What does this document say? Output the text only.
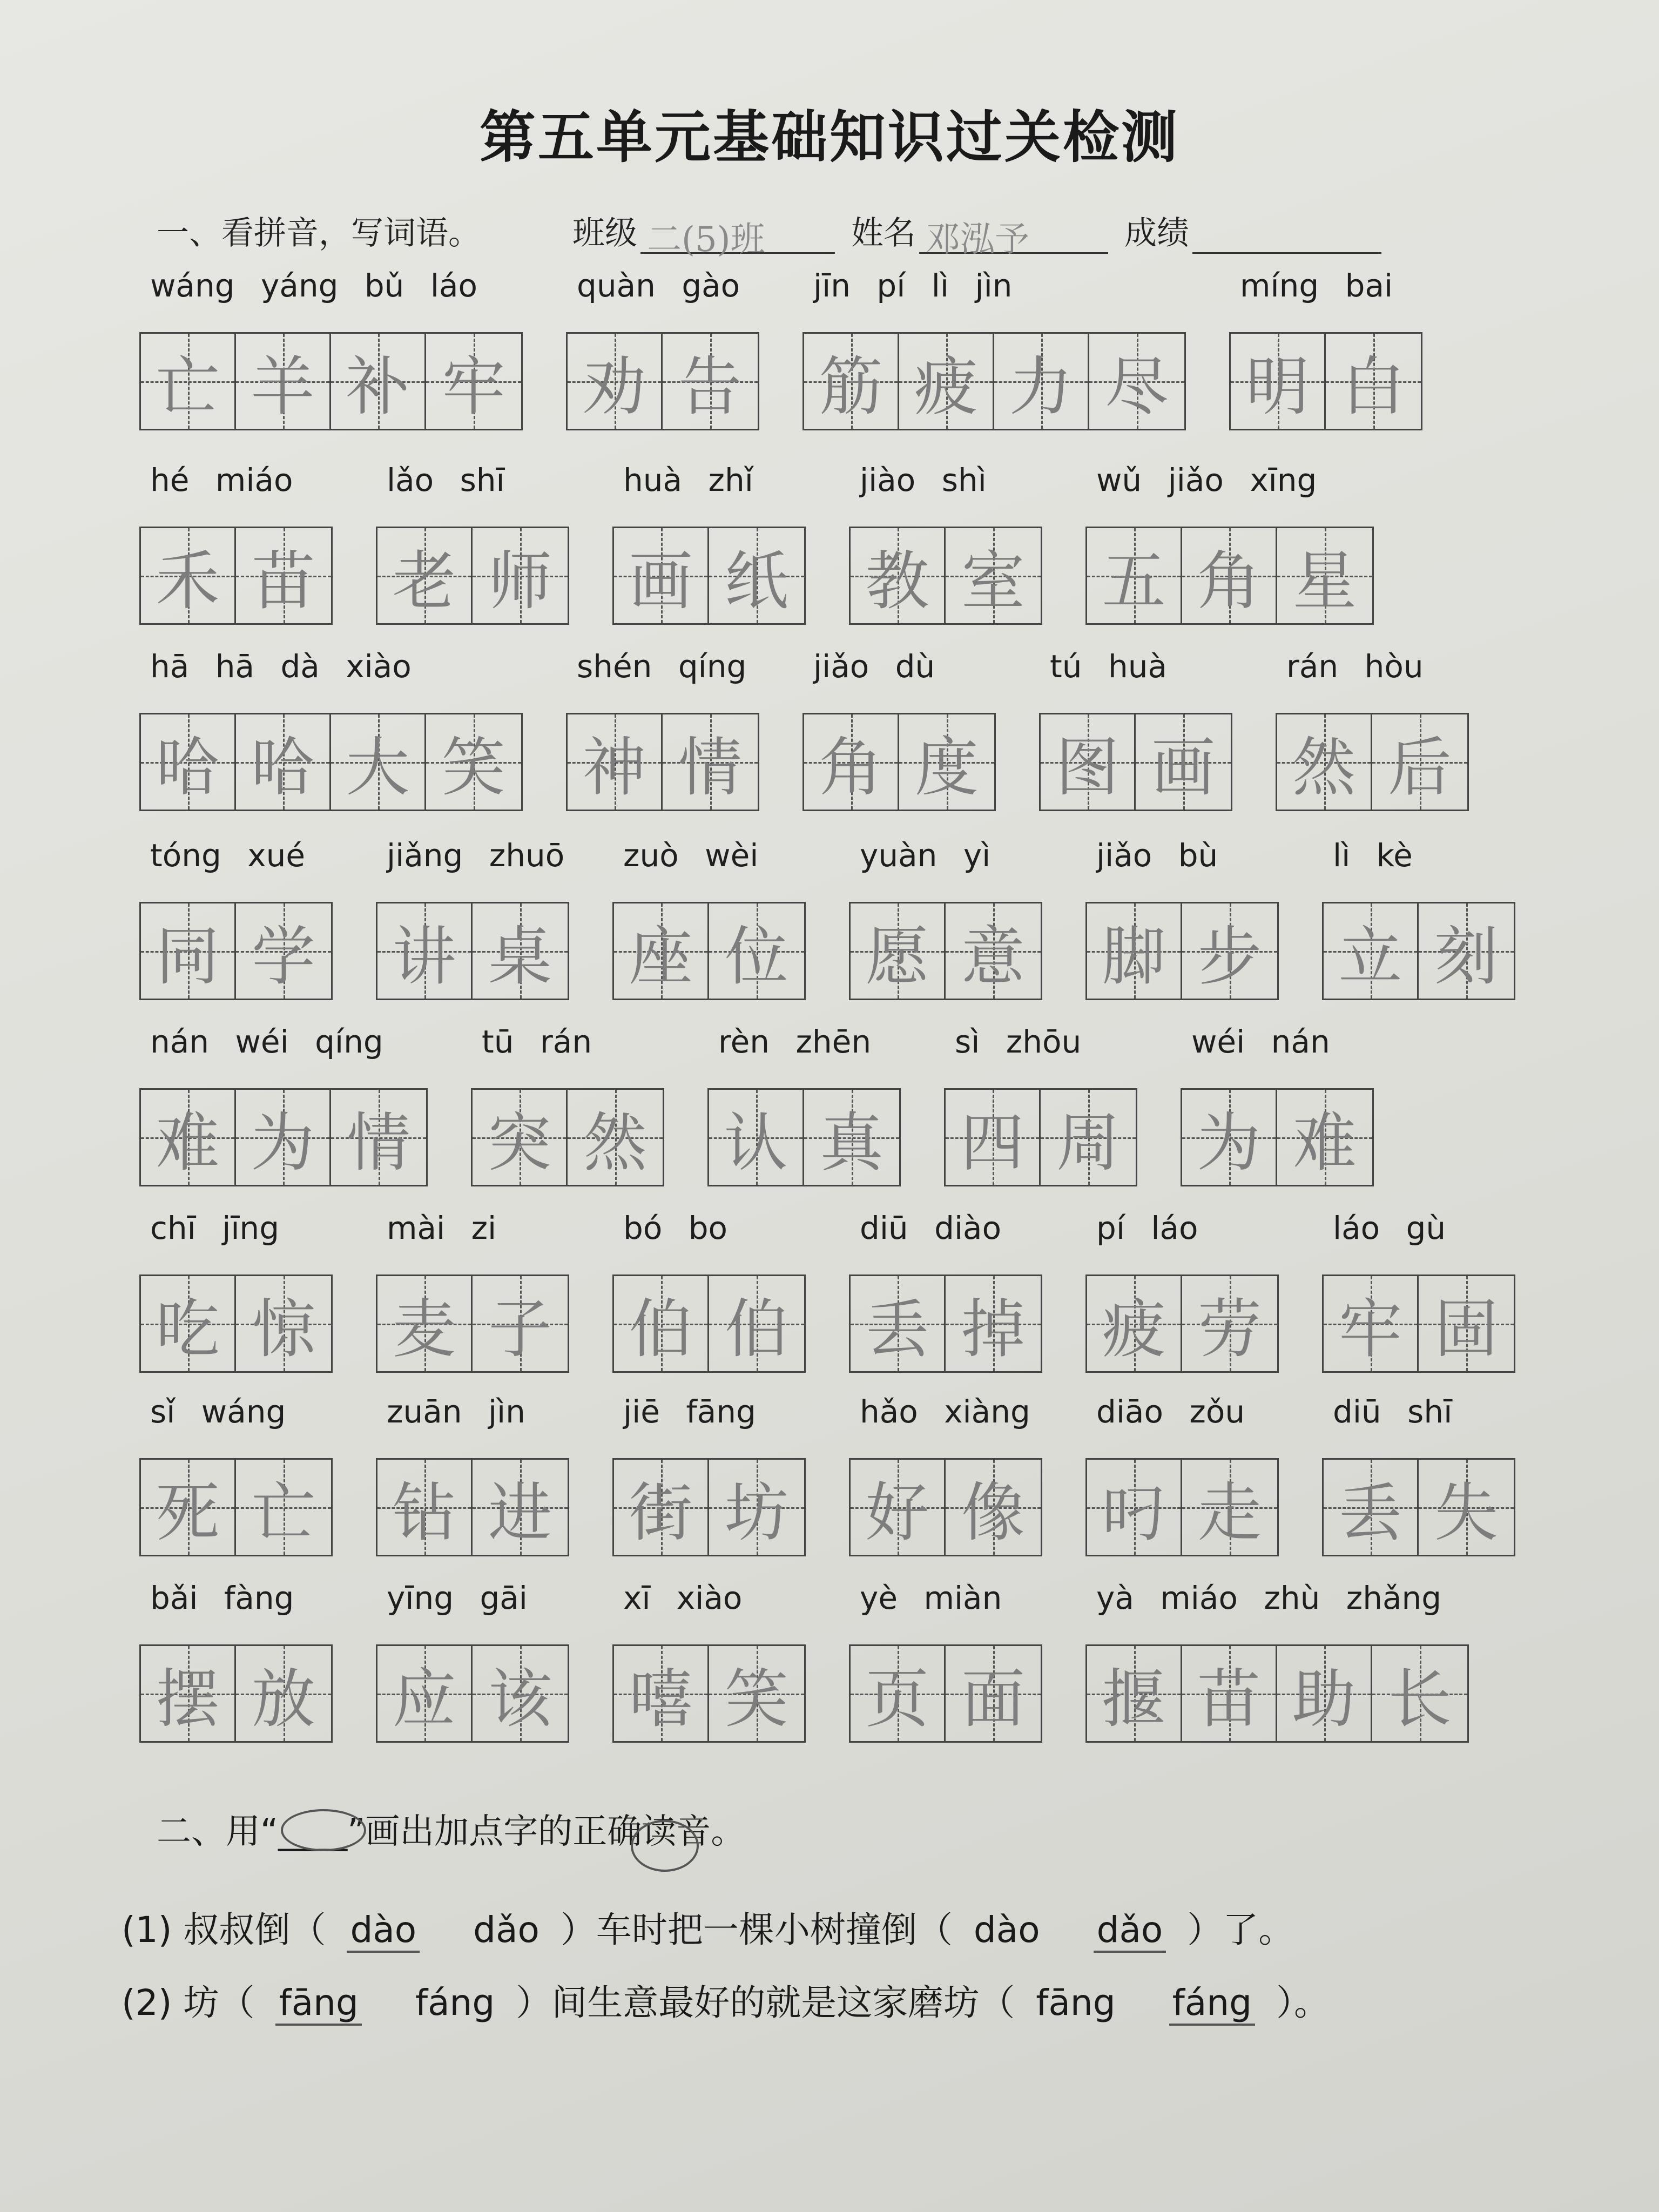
第五单元基础知识过关检测
一、看拼音，写词语。	班级 二(5)班	姓名 邓泓予	成绩
wáng yáng bǔ láo
亡 羊 补 牢
quàn gào
劝 告
jīn pí lì jìn
筋 疲 力 尽
míng bai
明 白
hé miáo
禾 苗
lǎo shī
老 师
huà zhǐ
画 纸
jiào shì
教 室
wǔ jiǎo xīng
五 角 星
hā hā dà xiào
哈 哈 大 笑
shén qíng
神 情
jiǎo dù
角 度
tú huà
图 画
rán hòu
然 后
tóng xué
同 学
jiǎng zhuō
讲 桌
zuò wèi
座 位
yuàn yì
愿 意
jiǎo bù
脚 步
lì kè
立 刻
nán wéi qíng
难 为 情
tū rán
突 然
rèn zhēn
认 真
sì zhōu
四 周
wéi nán
为 难
chī jīng
吃 惊
mài zi
麦 子
bó bo
伯 伯
diū diào
丢 掉
pí láo
疲 劳
láo gù
牢 固
sǐ wáng
死 亡
zuān jìn
钻 进
jiē fāng
街 坊
hǎo xiàng
好 像
diāo zǒu
叼 走
diū shī
丢 失
bǎi fàng
摆 放
yīng gāi
应 该
xī xiào
嘻 笑
yè miàn
页 面
yà miáo zhù zhǎng
揠 苗 助 长
二、用“____”画出加点字的正确读音。
(1) 叔叔倒（ dào dǎo ）车时把一棵小树撞倒（ dào dǎo ）了。
(2) 坊（ fāng fáng ）间生意最好的就是这家磨坊（ fāng fáng ）。
